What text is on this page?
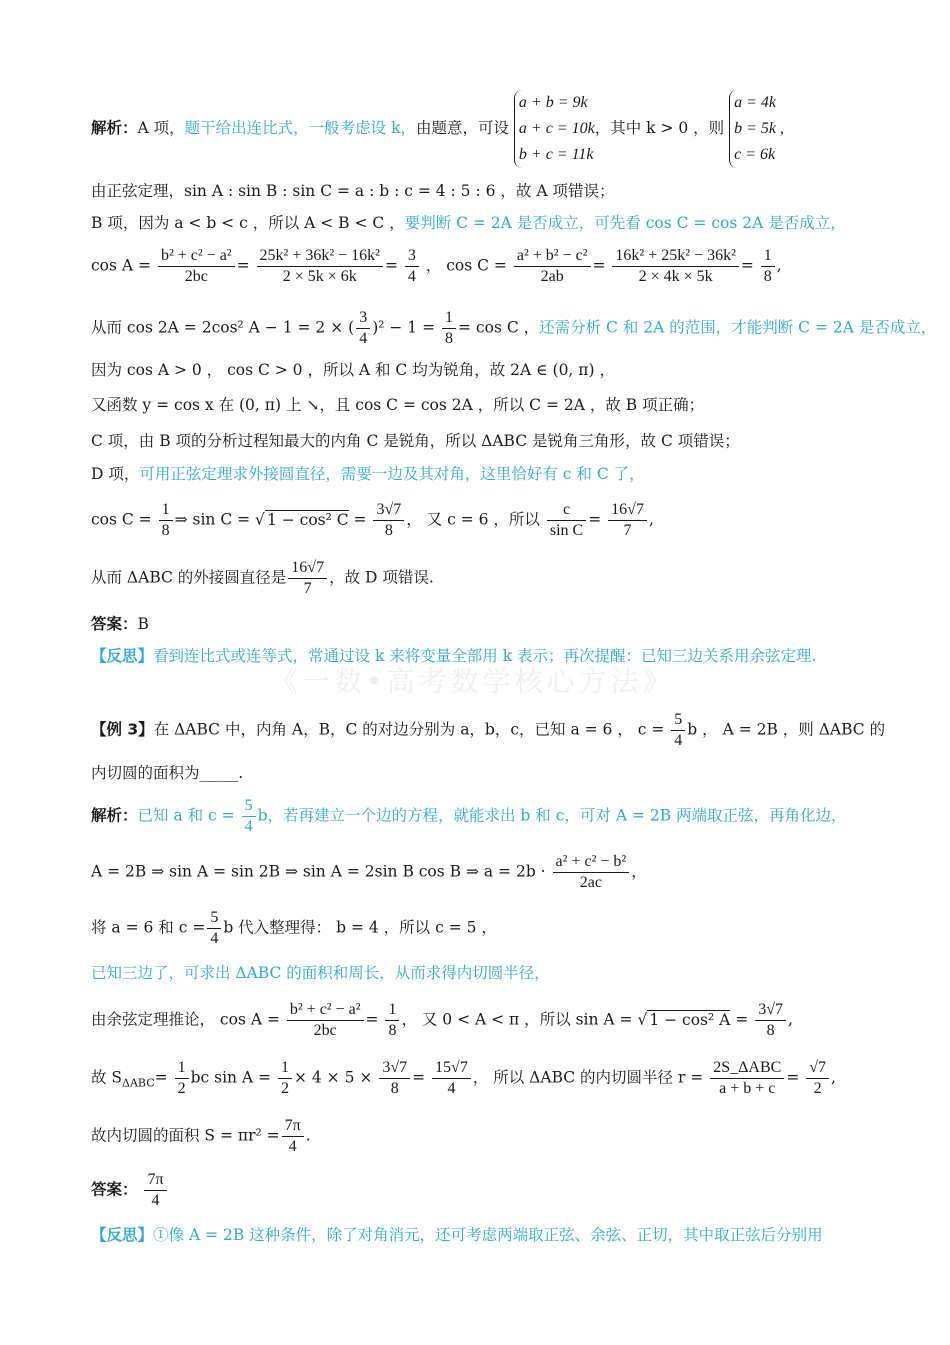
《一数•高考数学核心方法》
解析：A 项，题干给出连比式，一般考虑设 k，由题意，可设
a + b = 9k
a + c = 10k
b + c = 11k
，其中 k > 0 ，则
a = 4k
b = 5k ,
c = 6k
由正弦定理，sin A : sin B : sin C = a : b : c = 4 : 5 : 6 ，故 A 项错误；
B 项，因为 a < b < c ，所以 A < B < C ，要判断 C = 2A 是否成立，可先看 cos C = cos 2A 是否成立，
$\cos A = \frac{\text{b² + c² − a²}}{2bc} = \frac{\text{25k² + 36k² − 16k²}}{2 \times 5k \times 6k} = \frac{3}{4}$ ， $\cos C = \frac{\text{a² + b² − c²}}{2ab} = \frac{\text{16k² + 25k² − 36k²}}{2 \times 4k \times 5k} = \frac{1}{8}$ ,
从而 cos 2A = 2cos² A − 1 = 2 × ( $\frac{3}{4} )^2 - 1 = \frac{1}{8} = \cos C$ ，还需分析 C 和 2A 的范围，才能判断 C = 2A 是否成立，
因为 cos A > 0 ， cos C > 0 ，所以 A 和 C 均为锐角，故 2A ∈ (0, π) ，
又函数 y = cos x 在 (0, π) 上 ↘，且 cos C = cos 2A ，所以 C = 2A ，故 B 项正确；
C 项，由 B 项的分析过程知最大的内角 C 是锐角，所以 ΔABC 是锐角三角形，故 C 项错误；
D 项，可用正弦定理求外接圆直径，需要一边及其对角，这里恰好有 c 和 C 了，
$\cos C = \frac{1}{8}$ ⇒ sin C = √ 1 − cos² $C = \frac{3√7}{8}$ ， 又 c = 6 ，所以 $\frac{c}{\text{sin C}} = \frac{16√7}{7}$ ,
从而 ΔABC 的外接圆直径是 $\frac{16√7}{7}$ ，故 D 项错误.
答案：B
【反思】看到连比式或连等式，常通过设 k 来将变量全部用 k 表示；再次提醒：已知三边关系用余弦定理.
【例 3】在 ΔABC 中，内角 A，B，C 的对边分别为 a，b，c，已知 a = 6 ， $c = \frac{5}{4}$ b ， A = 2B ，则 ΔABC 的
内切圆的面积为_____.
解析：已知 a 和 $c = \frac{5}{4}$ b，若再建立一个边的方程，就能求出 b 和 c，可对 A = 2B 两端取正弦，再角化边，
A = 2B ⇒ sin A = sin 2B ⇒ sin A = 2sin B cos B ⇒ $a = 2b \cdot \frac{\text{a² + c² − b²}}{2ac}$ ，
将 a = 6 和 $c = \frac{5}{4}$ b 代入整理得： b = 4 ，所以 c = 5 ，
已知三边了，可求出 ΔABC 的面积和周长，从而求得内切圆半径，
由余弦定理推论， $\cos A = \frac{\text{b² + c² − a²}}{2bc} = \frac{1}{8}$ ， 又 0 < A < π ，所以 sin A = √ 1 − cos² $A = \frac{3√7}{8}$ ,
故 $S_{\Delta ABC}= \frac{1}{2}$ bc $\sin A = \frac{1}{2} \times 4 \times 5 \times \frac{3√7}{8} = \frac{15√7}{4}$ ， 所以 ΔABC 的内切圆半径 $r = \frac{\text{2S\_ΔABC}}{a + b + c} = \frac{√7}{2}$ ,
故内切圆的面积 $S = \pi r^2 = \frac{7\pi}{4}$ .
答案： $\frac{7\pi}{4}$
【反思】①像 A = 2B 这种条件，除了对角消元，还可考虑两端取正弦、余弦、正切，其中取正弦后分别用
